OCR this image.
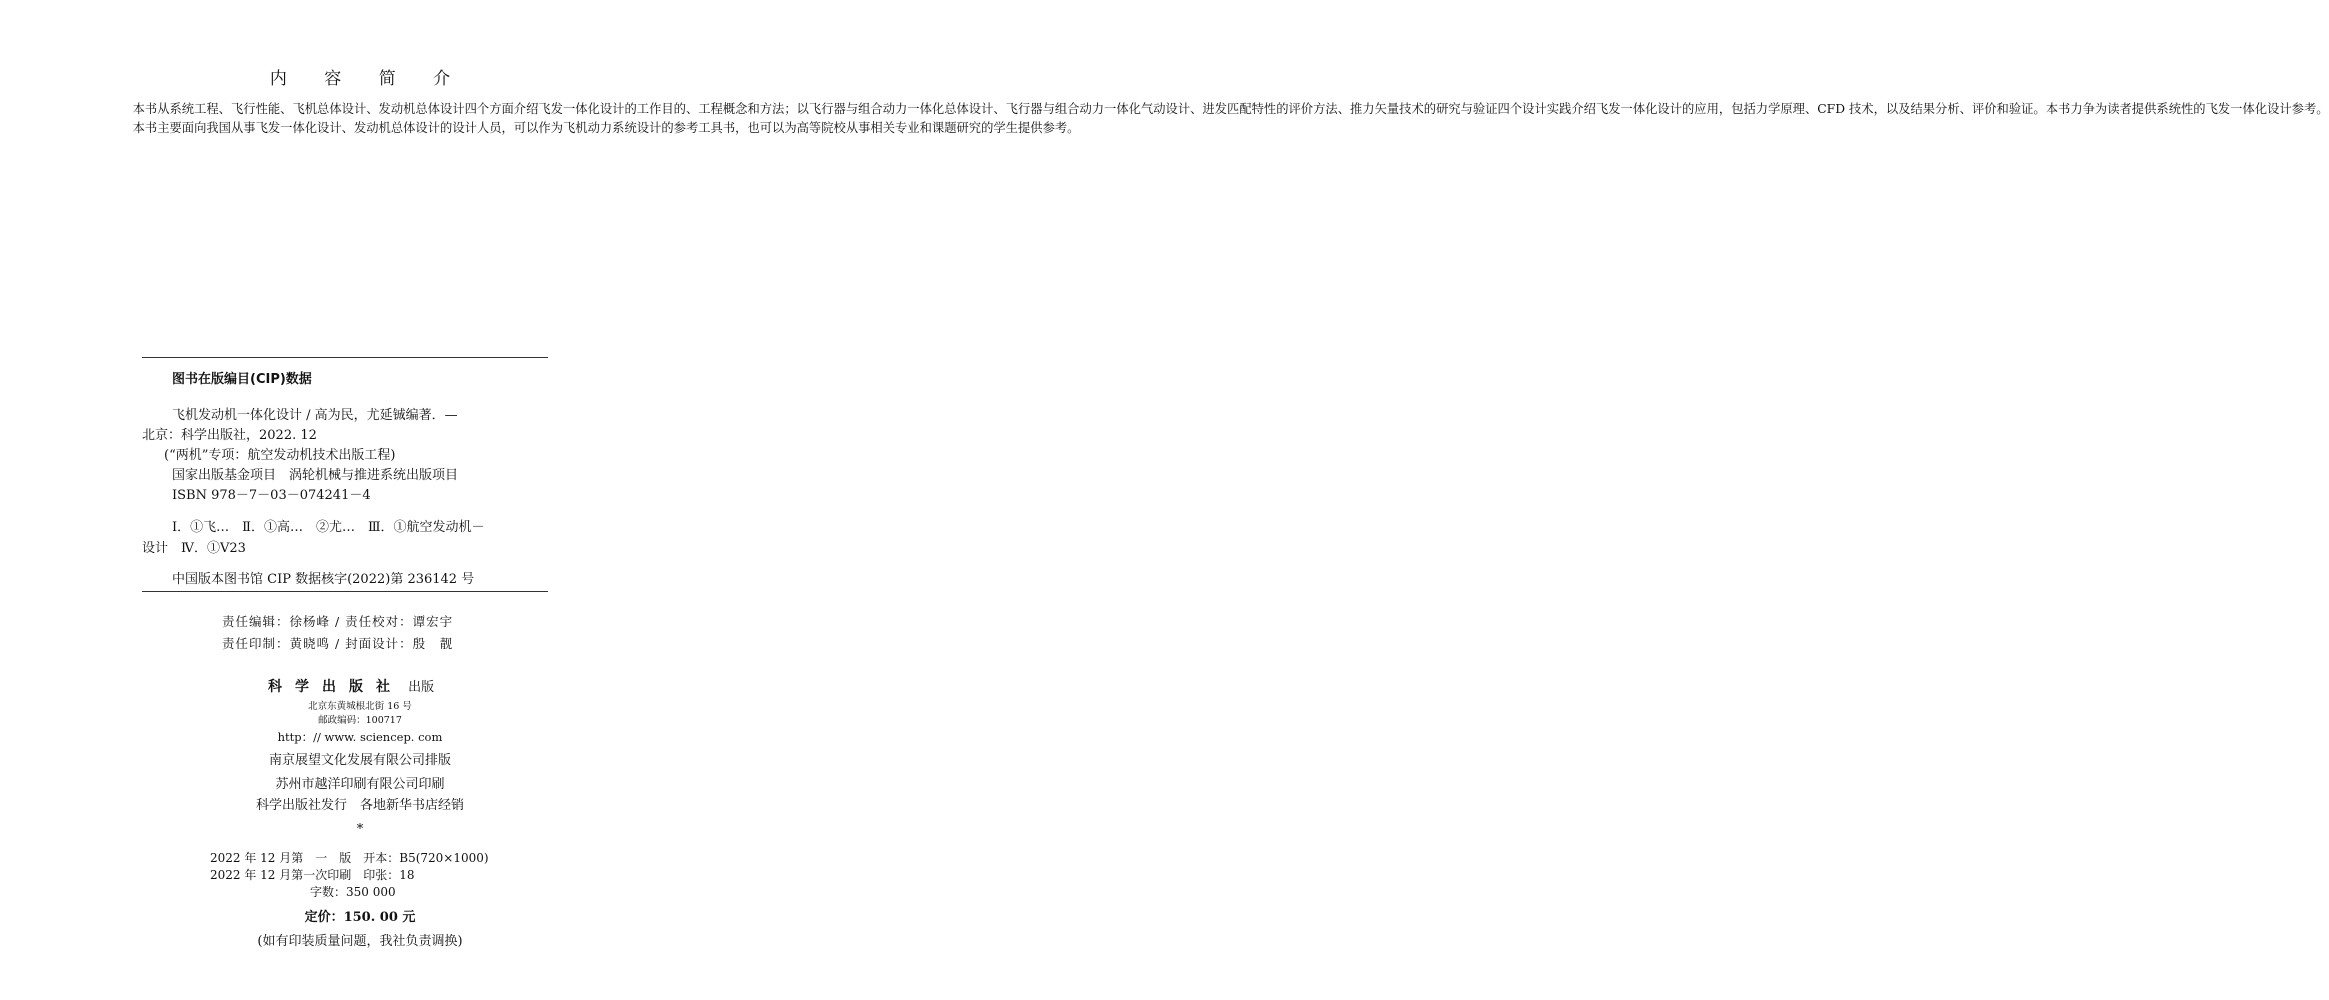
内 容 简 介

本书从系统工程、飞行性能、飞机总体设计、发动机总体设计四个方面介绍飞发一体化设计的工作目的、工程概念和方法；以飞行器与组合动力一体化总体设计、飞行器与组合动力一体化气动设计、进发匹配特性的评价方法、推力矢量技术的研究与验证四个设计实践介绍飞发一体化设计的应用，包括力学原理、CFD 技术，以及结果分析、评价和验证。本书力争为读者提供系统性的飞发一体化设计参考。

本书主要面向我国从事飞发一体化设计、发动机总体设计的设计人员，可以作为飞机动力系统设计的参考工具书，也可以为高等院校从事相关专业和课题研究的学生提供参考。

图书在版编目(CIP)数据
飞机发动机一体化设计 / 高为民，尤延铖编著．—
北京：科学出版社，2022. 12
(“两机”专项：航空发动机技术出版工程)
国家出版基金项目　涡轮机械与推进系统出版项目
ISBN 978－7－03－074241－4
Ⅰ．①飞…　Ⅱ．①高…　②尤…　Ⅲ．①航空发动机－
设计　Ⅳ．①V23
中国版本图书馆 CIP 数据核字(2022)第 236142 号
责任编辑：徐杨峰 / 责任校对：谭宏宇
责任印制：黄晓鸣 / 封面设计：殷　靓
科学出版社 出版
北京东黄城根北街 16 号
邮政编码：100717
http：// www. sciencep. com
南京展望文化发展有限公司排版
苏州市越洋印刷有限公司印刷
科学出版社发行　各地新华书店经销
*
2022 年 12 月第　一　版　开本：B5(720×1000)
2022 年 12 月第一次印刷　印张：18
字数：350 000
定价：150. 00 元
(如有印装质量问题，我社负责调换)
